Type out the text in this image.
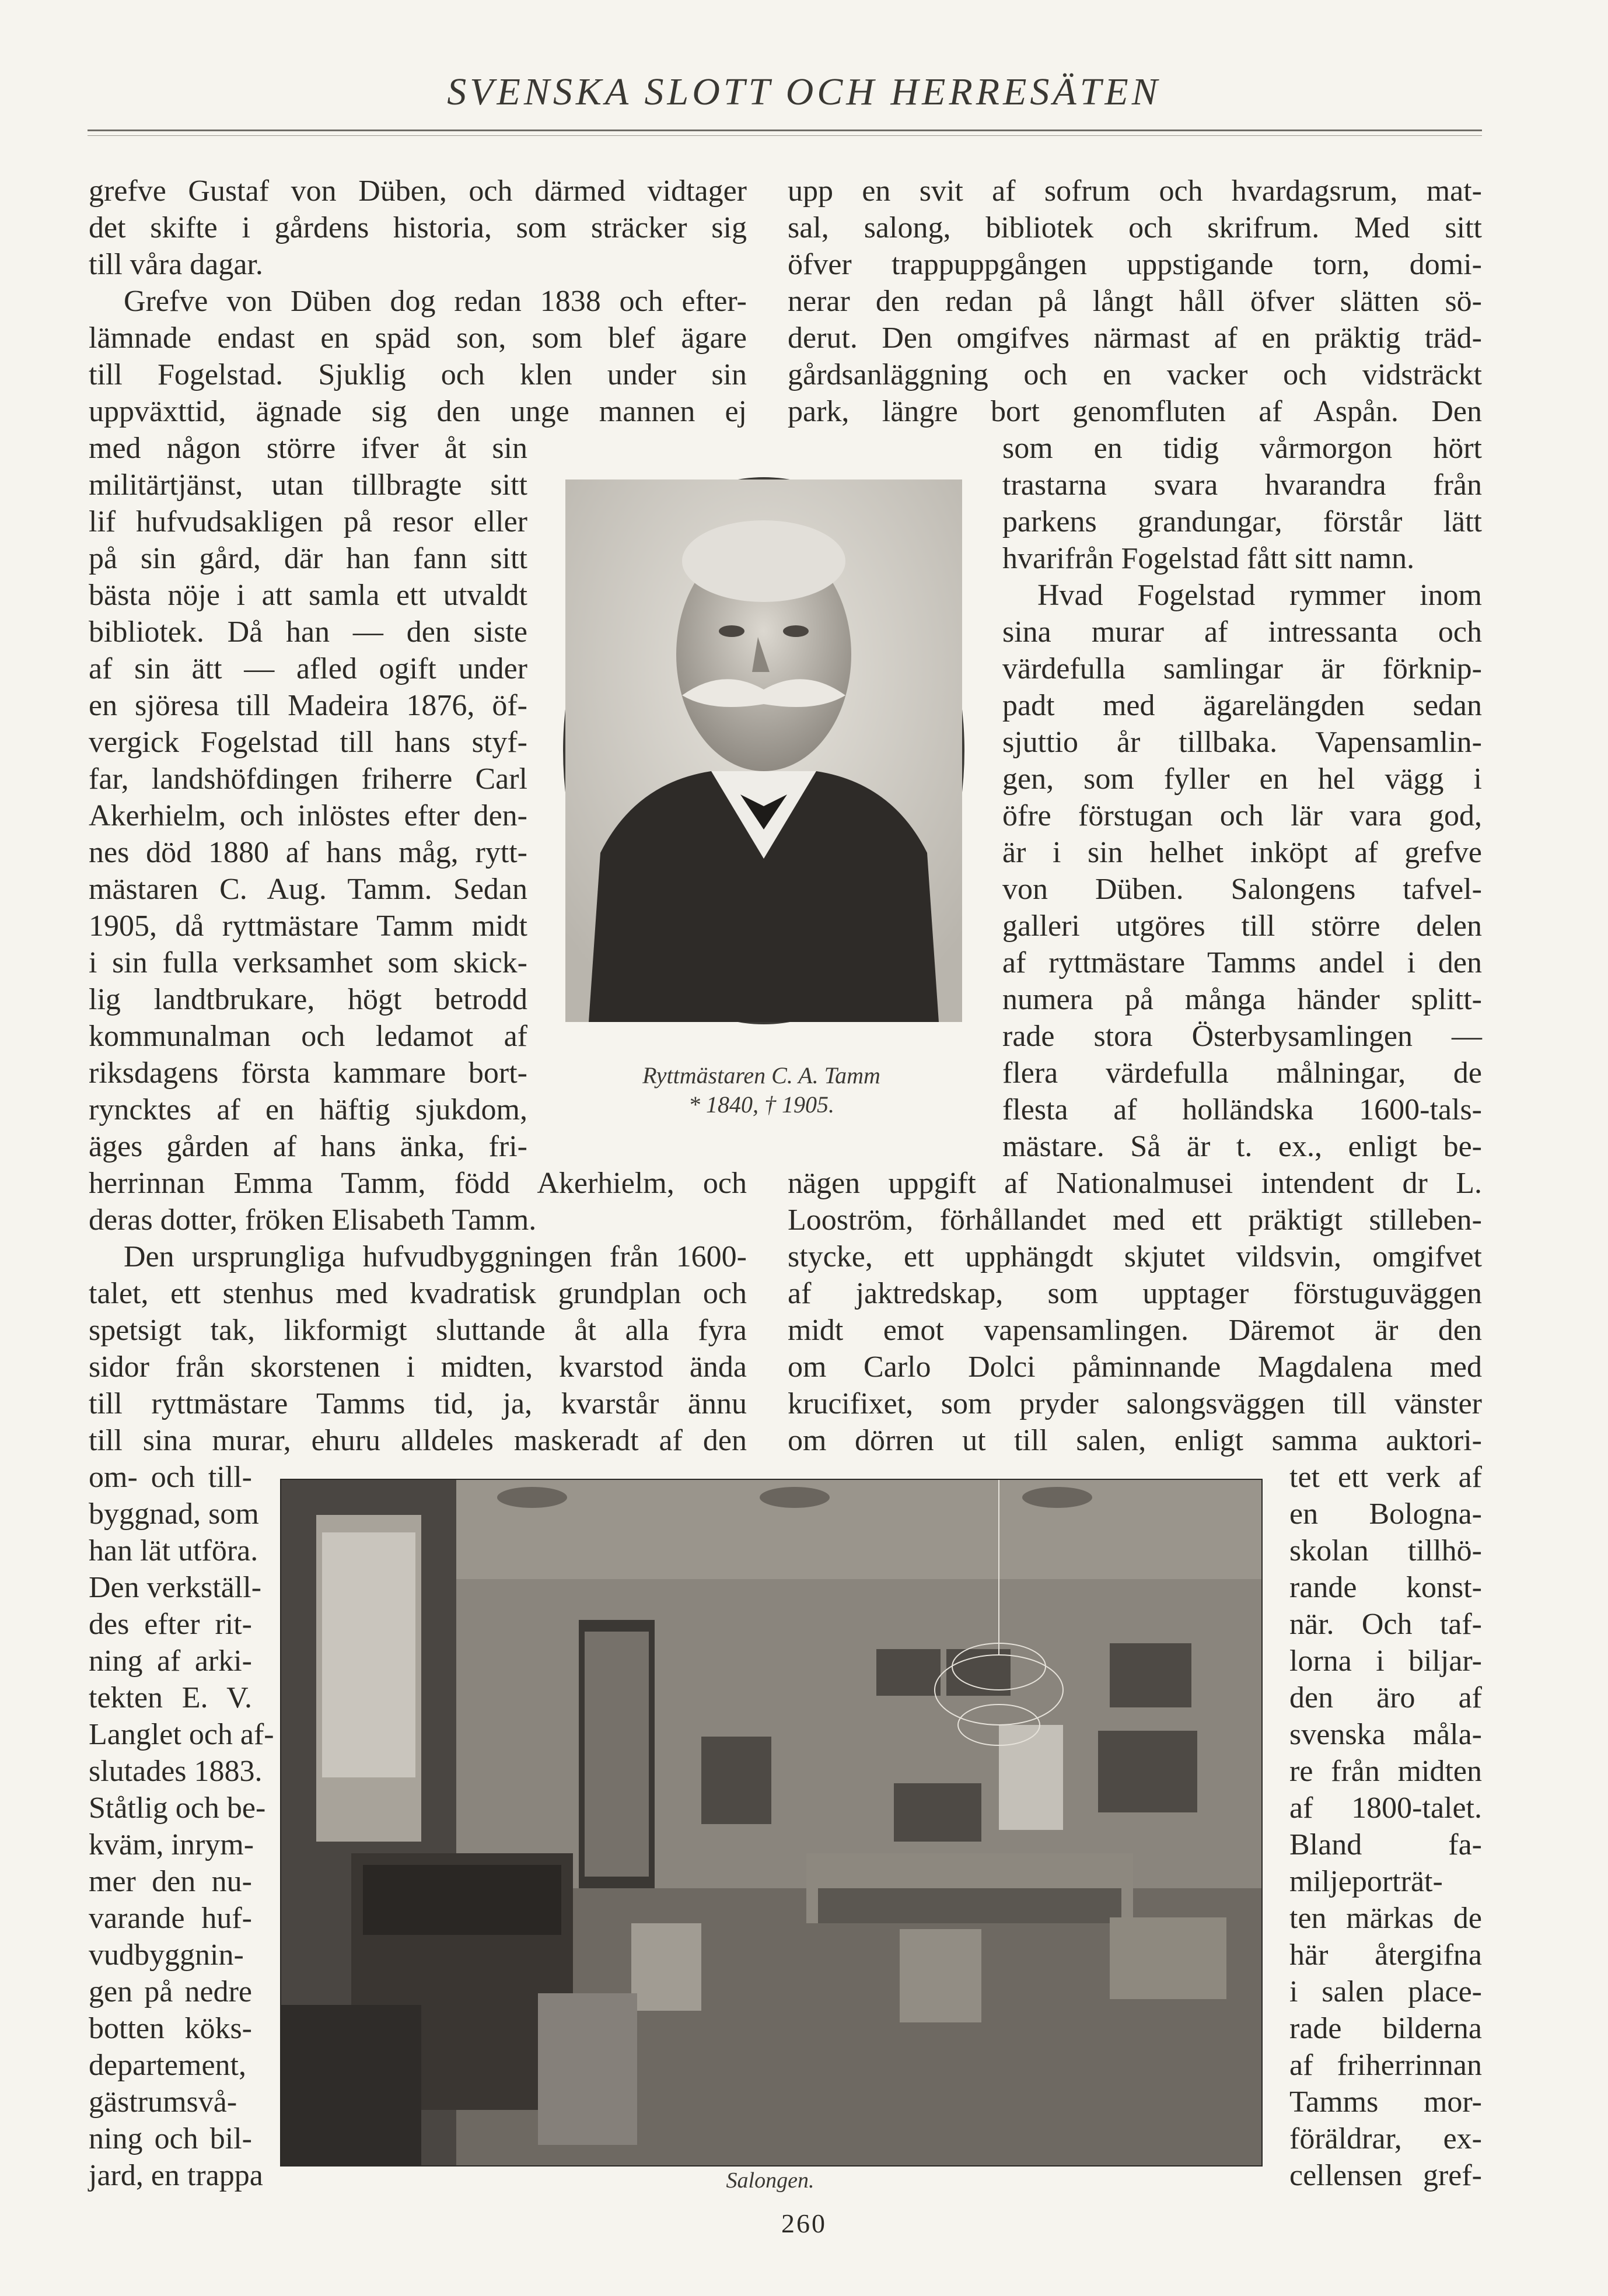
SVENSKA SLOTT OCH HERRESÄTEN
grefve Gustaf von Düben, och därmed vidtager
det skifte i gårdens historia, som sträcker sig
till våra dagar.
Grefve von Düben dog redan 1838 och efter-
lämnade endast en späd son, som blef ägare
till Fogelstad. Sjuklig och klen under sin
uppväxttid, ägnade sig den unge mannen ej
med någon större ifver åt sin
militärtjänst, utan tillbragte sitt
lif hufvudsakligen på resor eller
på sin gård, där han fann sitt
bästa nöje i att samla ett utvaldt
bibliotek. Då han — den siste
af sin ätt — afled ogift under
en sjöresa till Madeira 1876, öf-
vergick Fogelstad till hans styf-
far, landshöfdingen friherre Carl
Akerhielm, och inlöstes efter den-
nes död 1880 af hans måg, rytt-
mästaren C. Aug. Tamm. Sedan
1905, då ryttmästare Tamm midt
i sin fulla verksamhet som skick-
lig landtbrukare, högt betrodd
kommunalman och ledamot af
riksdagens första kammare bort-
ryncktes af en häftig sjukdom,
äges gården af hans änka, fri-
herrinnan Emma Tamm, född Akerhielm, och
deras dotter, fröken Elisabeth Tamm.
Den ursprungliga hufvudbyggningen från 1600-
talet, ett stenhus med kvadratisk grundplan och
spetsigt tak, likformigt sluttande åt alla fyra
sidor från skorstenen i midten, kvarstod ända
till ryttmästare Tamms tid, ja, kvarstår ännu
till sina murar, ehuru alldeles maskeradt af den
om- och till-
byggnad, som
han lät utföra.
Den verkställ-
des efter rit-
ning af arki-
tekten E. V.
Langlet och af-
slutades 1883.
Ståtlig och be-
kväm, inrym-
mer den nu-
varande huf-
vudbyggnin-
gen på nedre
botten köks-
departement,
gästrumsvå-
ning och bil-
jard, en trappa
upp en svit af sofrum och hvardagsrum, mat-
sal, salong, bibliotek och skrifrum. Med sitt
öfver trappuppgången uppstigande torn, domi-
nerar den redan på långt håll öfver slätten sö-
derut. Den omgifves närmast af en präktig träd-
gårdsanläggning och en vacker och vidsträckt
park, längre bort genomfluten af Aspån. Den
som en tidig vårmorgon hört
trastarna svara hvarandra från
parkens grandungar, förstår lätt
hvarifrån Fogelstad fått sitt namn.
Hvad Fogelstad rymmer inom
sina murar af intressanta och
värdefulla samlingar är förknip-
padt med ägarelängden sedan
sjuttio år tillbaka. Vapensamlin-
gen, som fyller en hel vägg i
öfre förstugan och lär vara god,
är i sin helhet inköpt af grefve
von Düben. Salongens tafvel-
galleri utgöres till större delen
af ryttmästare Tamms andel i den
numera på många händer splitt-
rade stora Österbysamlingen —
flera värdefulla målningar, de
flesta af holländska 1600-tals-
mästare. Så är t. ex., enligt be-
nägen uppgift af Nationalmusei intendent dr L.
Looström, förhållandet med ett präktigt stilleben-
stycke, ett upphängdt skjutet vildsvin, omgifvet
af jaktredskap, som upptager förstuguväggen
midt emot vapensamlingen. Däremot är den
om Carlo Dolci påminnande Magdalena med
krucifixet, som pryder salongsväggen till vänster
om dörren ut till salen, enligt samma auktori-
tet ett verk af
en Bologna-
skolan tillhö-
rande konst-
när. Och taf-
lorna i biljar-
den äro af
svenska måla-
re från midten
af 1800-talet.
Bland fa-
miljeporträt-
ten märkas de
här återgifna
i salen place-
rade bilderna
af friherrinnan
Tamms mor-
föräldrar, ex-
cellensen gref-
Ryttmästaren C. A. Tamm
* 1840, † 1905.
Salongen.
260
